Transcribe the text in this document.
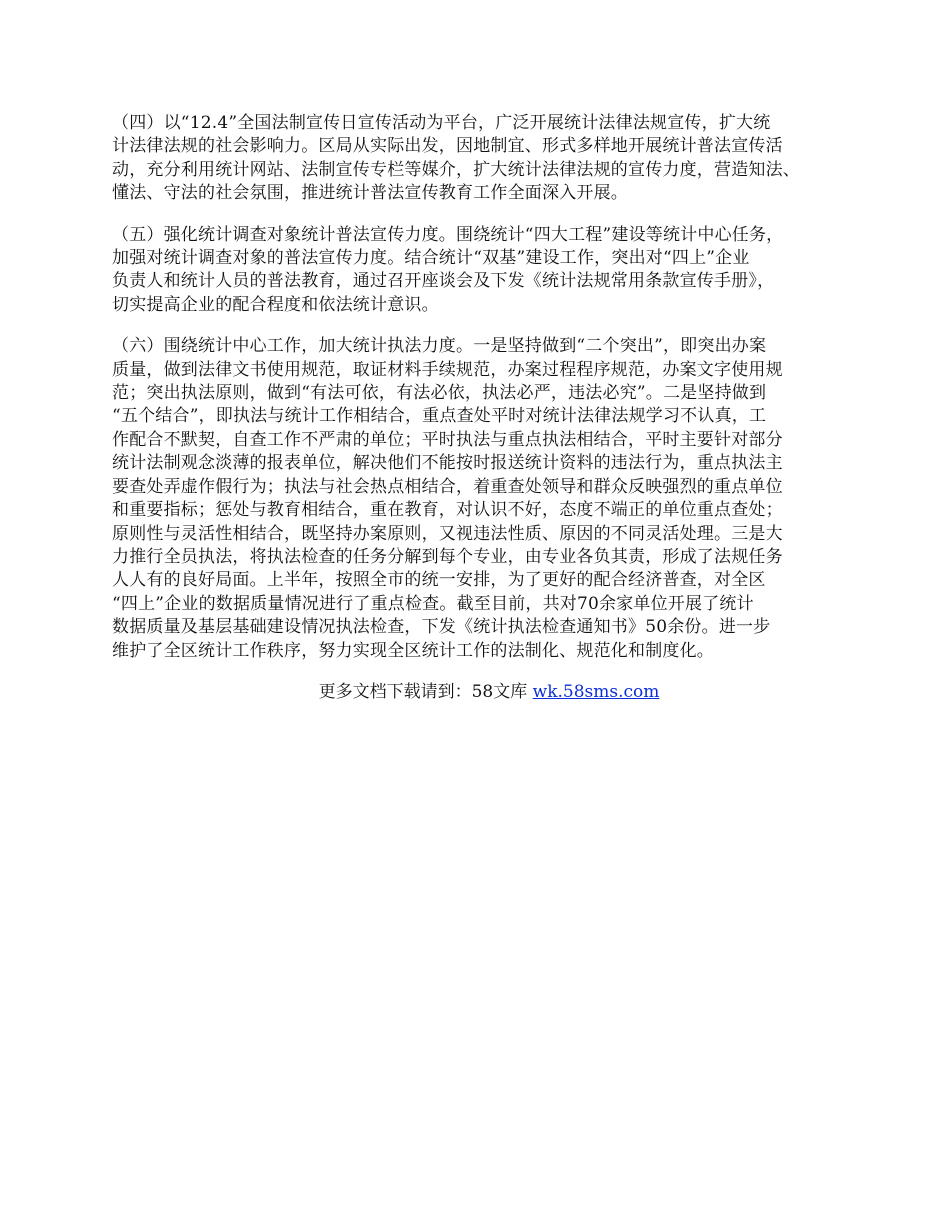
（四）以“12.4”全国法制宣传日宣传活动为平台，广泛开展统计法律法规宣传，扩大统
计法律法规的社会影响力。区局从实际出发，因地制宜、形式多样地开展统计普法宣传活
动，充分利用统计网站、法制宣传专栏等媒介，扩大统计法律法规的宣传力度，营造知法、
懂法、守法的社会氛围，推进统计普法宣传教育工作全面深入开展。

（五）强化统计调查对象统计普法宣传力度。围绕统计“四大工程”建设等统计中心任务，
加强对统计调查对象的普法宣传力度。结合统计“双基”建设工作，突出对“四上”企业
负责人和统计人员的普法教育，通过召开座谈会及下发《统计法规常用条款宣传手册》，
切实提高企业的配合程度和依法统计意识。

（六）围绕统计中心工作，加大统计执法力度。一是坚持做到“二个突出”，即突出办案
质量，做到法律文书使用规范，取证材料手续规范，办案过程程序规范，办案文字使用规
范；突出执法原则，做到“有法可依，有法必依，执法必严，违法必究”。二是坚持做到
“五个结合”，即执法与统计工作相结合，重点查处平时对统计法律法规学习不认真，工
作配合不默契，自查工作不严肃的单位；平时执法与重点执法相结合，平时主要针对部分
统计法制观念淡薄的报表单位，解决他们不能按时报送统计资料的违法行为，重点执法主
要查处弄虚作假行为；执法与社会热点相结合，着重查处领导和群众反映强烈的重点单位
和重要指标；惩处与教育相结合，重在教育，对认识不好，态度不端正的单位重点查处；
原则性与灵活性相结合，既坚持办案原则，又视违法性质、原因的不同灵活处理。三是大
力推行全员执法，将执法检查的任务分解到每个专业，由专业各负其责，形成了法规任务
人人有的良好局面。上半年，按照全市的统一安排，为了更好的配合经济普查，对全区
“四上”企业的数据质量情况进行了重点检查。截至目前，共对70余家单位开展了统计
数据质量及基层基础建设情况执法检查，下发《统计执法检查通知书》50余份。进一步
维护了全区统计工作秩序，努力实现全区统计工作的法制化、规范化和制度化。

更多文档下载请到：58文库 wk.58sms.com
